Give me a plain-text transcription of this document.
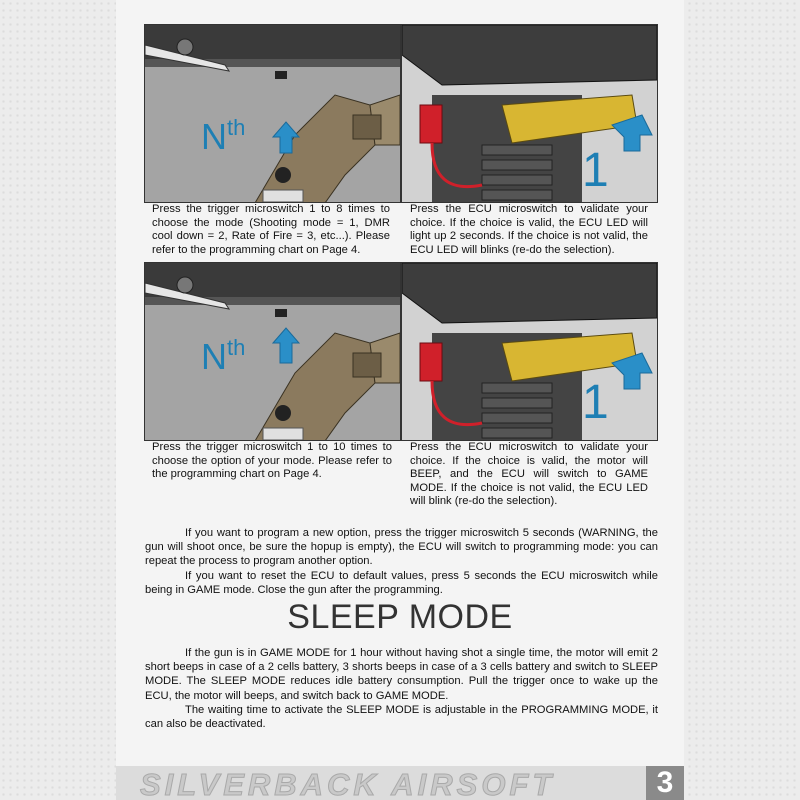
$N^{th}$
1

Press the trigger microswitch 1 to 8 times to choose the mode (Shooting mode = 1, DMR cool down = 2, Rate of Fire = 3, etc...). Please refer to the programming chart on Page 4.

Press the ECU microswitch to validate your choice. If the choice is valid, the ECU LED will light up 2 seconds. If the choice is not valid, the ECU LED will blinks (re-do the selection).

$N^{th}$
1

Press the trigger microswitch 1 to 10 times to choose the option of your mode. Please refer to the programming chart on Page 4.

Press the ECU microswitch to validate your choice. If the choice is valid, the motor will BEEP, and the ECU will switch to GAME MODE. If the choice is not valid, the ECU LED will blink (re-do the selection).

If you want to program a new option, press the trigger microswitch 5 seconds (WARNING, the gun will shoot once, be sure the hopup is empty), the ECU will switch to programming mode: you can repeat the process to program another option.

If you want to reset the ECU to default values, press 5 seconds the ECU microswitch while being in GAME mode. Close the gun after the programming.

SLEEP MODE

If the gun is in GAME MODE for 1 hour without having shot a single time, the motor will emit 2 short beeps in case of a 2 cells battery, 3 shorts beeps in case of a 3 cells battery and switch to SLEEP MODE. The SLEEP MODE reduces idle battery consumption. Pull the trigger once to wake up the ECU, the motor will beeps, and switch back to GAME MODE.

The waiting time to activate the SLEEP MODE is adjustable in the PROGRAMMING MODE, it can also be deactivated.

SILVERBACK AIRSOFT	3
